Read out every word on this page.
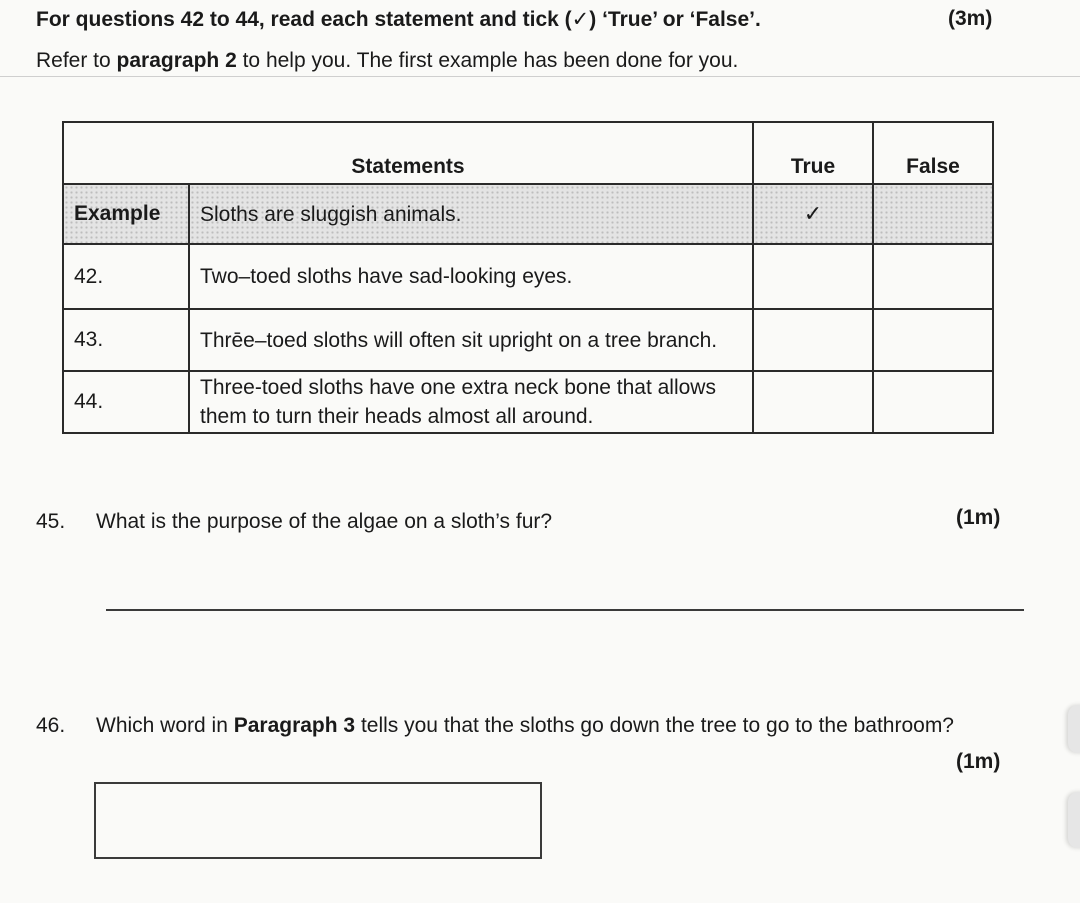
For questions 42 to 44, read each statement and tick (✓) ‘True’ or ‘False’.	(3m)
Refer to paragraph 2 to help you. The first example has been done for you.
Statements		True	False
Example	Sloths are sluggish animals.	✓	
42.	Two–toed sloths have sad-looking eyes.		
43.	Thrēe–toed sloths will often sit upright on a tree branch.		
44.	Three-toed sloths have one extra neck bone that allows them to turn their heads almost all around.		
45. What is the purpose of the algae on a sloth’s fur?	(1m)
46. Which word in Paragraph 3 tells you that the sloths go down the tree to go to the bathroom?
(1m)
